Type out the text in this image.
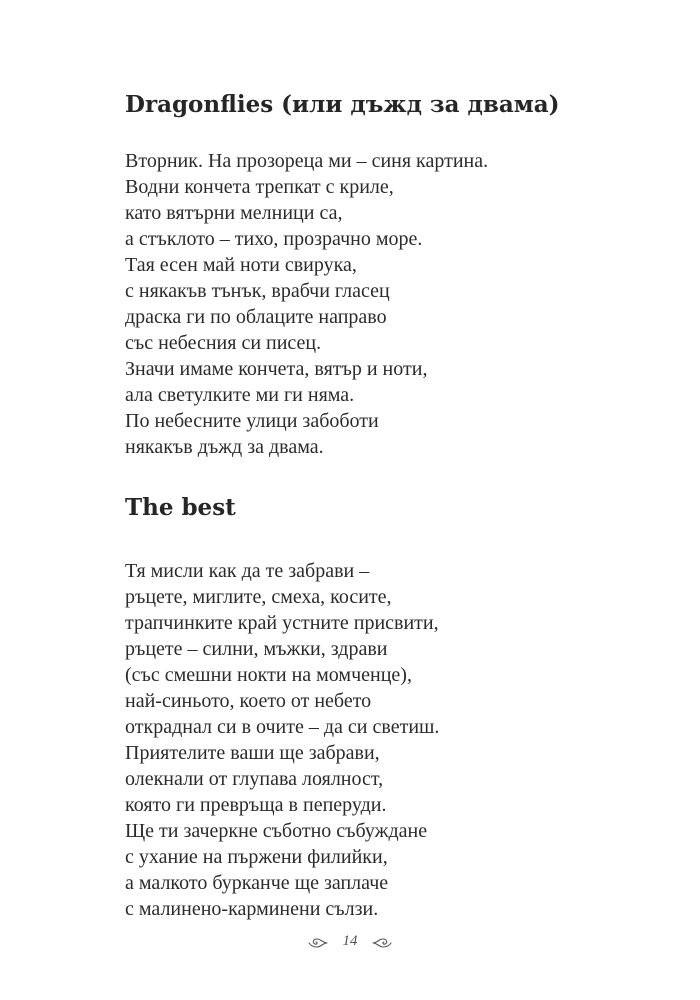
Dragonflies (или дъжд за двама)
Вторник. На прозореца ми – синя картина.
Водни кончета трепкат с криле,
като вятърни мелници са,
а стъклото – тихо, прозрачно море.
Тая есен май ноти свирука,
с някакъв тънък, врабчи гласец
драска ги по облаците направо
със небесния си писец.
Значи имаме кончета, вятър и ноти,
ала светулките ми ги няма.
По небесните улици забоботи
някакъв дъжд за двама.
The best
Тя мисли как да те забрави –
ръцете, миглите, смеха, косите,
трапчинките край устните присвити,
ръцете – силни, мъжки, здрави
(със смешни нокти на момченце),
най-синьото, което от небето
откраднал си в очите – да си светиш.
Приятелите ваши ще забрави,
олекнали от глупава лоялност,
която ги превръща в пеперуди.
Ще ти зачеркне съботно събуждане
с ухание на пържени филийки,
а малкото бурканче ще заплаче
с малинено-карминени сълзи.
14
